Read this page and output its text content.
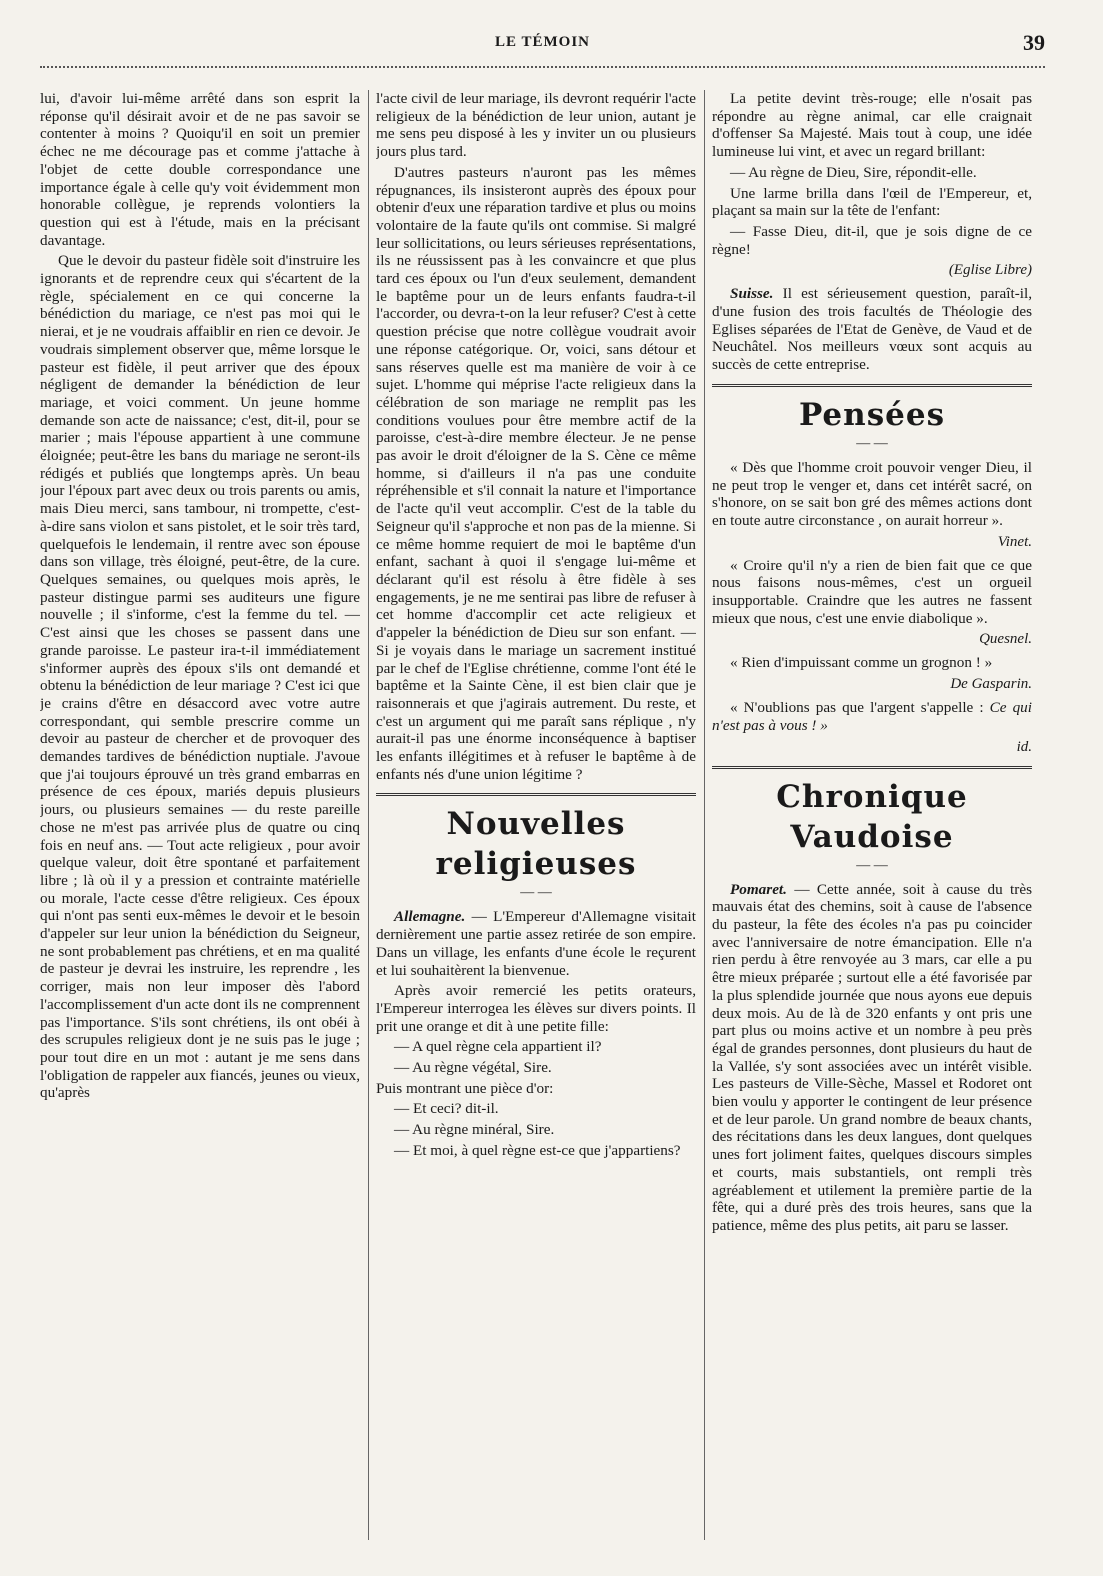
LE TÉMOIN	39

lui, d'avoir lui-même arrêté dans son esprit la réponse qu'il désirait avoir et de ne pas savoir se contenter à moins ? Quoiqu'il en soit un premier échec ne me décourage pas et comme j'attache à l'objet de cette double correspondance une importance égale à celle qu'y voit évidemment mon honorable collègue, je reprends volontiers la question qui est à l'étude, mais en la précisant davantage.

Que le devoir du pasteur fidèle soit d'instruire les ignorants et de reprendre ceux qui s'écartent de la règle, spécialement en ce qui concerne la bénédiction du mariage, ce n'est pas moi qui le nierai, et je ne voudrais affaiblir en rien ce devoir. Je voudrais simplement observer que, même lorsque le pasteur est fidèle, il peut arriver que des époux négligent de demander la bénédiction de leur mariage, et voici comment. Un jeune homme demande son acte de naissance; c'est, dit-il, pour se marier ; mais l'épouse appartient à une commune éloignée; peut-être les bans du mariage ne seront-ils rédigés et publiés que longtemps après. Un beau jour l'époux part avec deux ou trois parents ou amis, mais Dieu merci, sans tambour, ni trompette, c'est-à-dire sans violon et sans pistolet, et le soir très tard, quelquefois le lendemain, il rentre avec son épouse dans son village, très éloigné, peut-être, de la cure. Quelques semaines, ou quelques mois après, le pasteur distingue parmi ses auditeurs une figure nouvelle ; il s'informe, c'est la femme du tel. — C'est ainsi que les choses se passent dans une grande paroisse. Le pasteur ira-t-il immédiatement s'informer auprès des époux s'ils ont demandé et obtenu la bénédiction de leur mariage ? C'est ici que je crains d'être en désaccord avec votre autre correspondant, qui semble prescrire comme un devoir au pasteur de chercher et de provoquer des demandes tardives de bénédiction nuptiale. J'avoue que j'ai toujours éprouvé un très grand embarras en présence de ces époux, mariés depuis plusieurs jours, ou plusieurs semaines — du reste pareille chose ne m'est pas arrivée plus de quatre ou cinq fois en neuf ans. — Tout acte religieux , pour avoir quelque valeur, doit être spontané et parfaitement libre ; là où il y a pression et contrainte matérielle ou morale, l'acte cesse d'être religieux. Ces époux qui n'ont pas senti eux-mêmes le devoir et le besoin d'appeler sur leur union la bénédiction du Seigneur, ne sont probablement pas chrétiens, et en ma qualité de pasteur je devrai les instruire, les reprendre , les corriger, mais non leur imposer dès l'abord l'accomplissement d'un acte dont ils ne comprennent pas l'importance. S'ils sont chrétiens, ils ont obéi à des scrupules religieux dont je ne suis pas le juge ; pour tout dire en un mot : autant je me sens dans l'obligation de rappeler aux fiancés, jeunes ou vieux, qu'après

l'acte civil de leur mariage, ils devront requérir l'acte religieux de la bénédiction de leur union, autant je me sens peu disposé à les y inviter un ou plusieurs jours plus tard.

D'autres pasteurs n'auront pas les mêmes répugnances, ils insisteront auprès des époux pour obtenir d'eux une réparation tardive et plus ou moins volontaire de la faute qu'ils ont commise. Si malgré leur sollicitations, ou leurs sérieuses représentations, ils ne réussissent pas à les convaincre et que plus tard ces époux ou l'un d'eux seulement, demandent le baptême pour un de leurs enfants faudra-t-il l'accorder, ou devra-t-on la leur refuser? C'est à cette question précise que notre collègue voudrait avoir une réponse catégorique. Or, voici, sans détour et sans réserves quelle est ma manière de voir à ce sujet. L'homme qui méprise l'acte religieux dans la célébration de son mariage ne remplit pas les conditions voulues pour être membre actif de la paroisse, c'est-à-dire membre électeur. Je ne pense pas avoir le droit d'éloigner de la S. Cène ce même homme, si d'ailleurs il n'a pas une conduite répréhensible et s'il connait la nature et l'importance de l'acte qu'il veut accomplir. C'est de la table du Seigneur qu'il s'approche et non pas de la mienne. Si ce même homme requiert de moi le baptême d'un enfant, sachant à quoi il s'engage lui-même et déclarant qu'il est résolu à être fidèle à ses engagements, je ne me sentirai pas libre de refuser à cet homme d'accomplir cet acte religieux et d'appeler la bénédiction de Dieu sur son enfant. — Si je voyais dans le mariage un sacrement institué par le chef de l'Eglise chrétienne, comme l'ont été le baptême et la Sainte Cène, il est bien clair que je raisonnerais et que j'agirais autrement. Du reste, et c'est un argument qui me paraît sans réplique , n'y aurait-il pas une énorme inconséquence à baptiser les enfants illégitimes et à refuser le baptême à de enfants nés d'une union légitime ?

Nouvelles religieuses
— —

Allemagne. — L'Empereur d'Allemagne visitait dernièrement une partie assez retirée de son empire. Dans un village, les enfants d'une école le reçurent et lui souhaitèrent la bienvenue.

Après avoir remercié les petits orateurs, l'Empereur interrogea les élèves sur divers points. Il prit une orange et dit à une petite fille:

— A quel règne cela appartient il?

— Au règne végétal, Sire.

Puis montrant une pièce d'or:

— Et ceci? dit-il.

— Au règne minéral, Sire.

— Et moi, à quel règne est-ce que j'appartiens?

La petite devint très-rouge; elle n'osait pas répondre au règne animal, car elle craignait d'offenser Sa Majesté. Mais tout à coup, une idée lumineuse lui vint, et avec un regard brillant:

— Au règne de Dieu, Sire, répondit-elle.

Une larme brilla dans l'œil de l'Empereur, et, plaçant sa main sur la tête de l'enfant:

— Fasse Dieu, dit-il, que je sois digne de ce règne!

(Eglise Libre)

Suisse. Il est sérieusement question, paraît-il, d'une fusion des trois facultés de Théologie des Eglises séparées de l'Etat de Genève, de Vaud et de Neuchâtel. Nos meilleurs vœux sont acquis au succès de cette entreprise.

Pensées
— —

« Dès que l'homme croit pouvoir venger Dieu, il ne peut trop le venger et, dans cet intérêt sacré, on s'honore, on se sait bon gré des mêmes actions dont en toute autre circonstance , on aurait horreur ».

Vinet.

« Croire qu'il n'y a rien de bien fait que ce que nous faisons nous-mêmes, c'est un orgueil insupportable. Craindre que les autres ne fassent mieux que nous, c'est une envie diabolique ».

Quesnel.

« Rien d'impuissant comme un grognon ! »

De Gasparin.

« N'oublions pas que l'argent s'appelle : Ce qui n'est pas à vous ! »

id.
Chronique Vaudoise
— —

Pomaret. — Cette année, soit à cause du très mauvais état des chemins, soit à cause de l'absence du pasteur, la fête des écoles n'a pas pu coincider avec l'anniversaire de notre émancipation. Elle n'a rien perdu à être renvoyée au 3 mars, car elle a pu être mieux préparée ; surtout elle a été favorisée par la plus splendide journée que nous ayons eue depuis deux mois. Au de là de 320 enfants y ont pris une part plus ou moins active et un nombre à peu près égal de grandes personnes, dont plusieurs du haut de la Vallée, s'y sont associées avec un intérêt visible. Les pasteurs de Ville-Sèche, Massel et Rodoret ont bien voulu y apporter le contingent de leur présence et de leur parole. Un grand nombre de beaux chants, des récitations dans les deux langues, dont quelques unes fort joliment faites, quelques discours simples et courts, mais substantiels, ont rempli très agréablement et utilement la première partie de la fête, qui a duré près des trois heures, sans que la patience, même des plus petits, ait paru se lasser.
